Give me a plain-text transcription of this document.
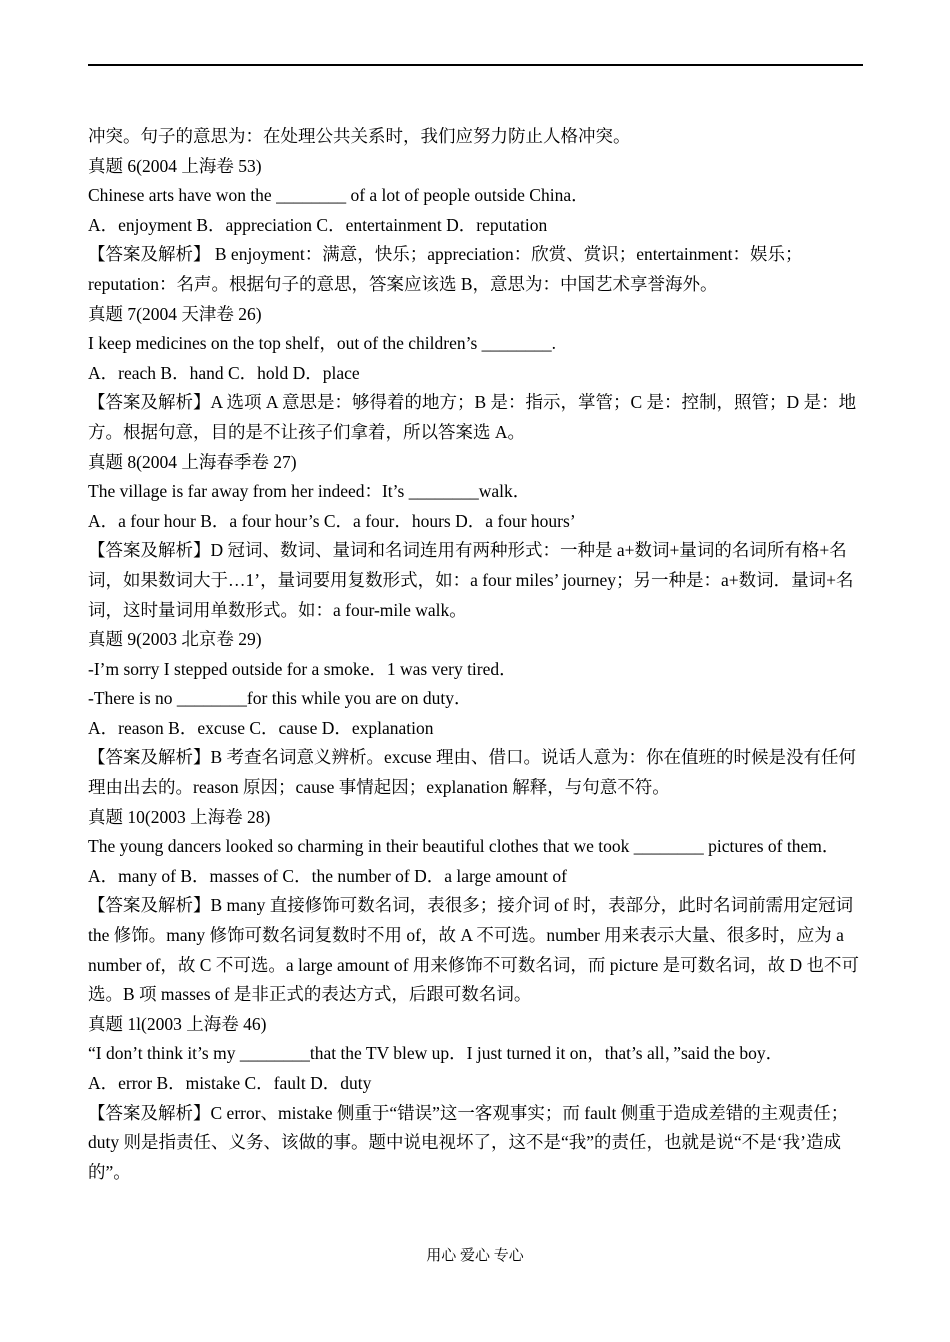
冲突。句子的意思为：在处理公共关系时，我们应努力防止人格冲突。

真题 6(2004 上海卷 53)

Chinese arts have won the ________ of a lot of people outside China．

A．enjoyment B．appreciation C．entertainment D．reputation

【答案及解析】 B enjoyment：满意，快乐；appreciation：欣赏、赏识；entertainment：娱乐；reputation：名声。根据句子的意思，答案应该选 B，意思为：中国艺术享誉海外。

真题 7(2004 天津卷 26)

I keep medicines on the top shelf，out of the children’s ________.

A．reach B．hand C．hold D．place

【答案及解析】A 选项 A 意思是：够得着的地方；B 是：指示，掌管；C 是：控制，照管；D 是：地方。根据句意，目的是不让孩子们拿着，所以答案选 A。

真题 8(2004 上海春季卷 27)

The village is far away from her indeed：It’s ________walk．

A．a four hour B．a four hour’s C．a four．hours D．a four hours’

【答案及解析】D 冠词、数词、量词和名词连用有两种形式：一种是 a+数词+量词的名词所有格+名词，如果数词大于…1’，量词要用复数形式，如：a four miles’ journey；另一种是：a+数词．量词+名词，这时量词用单数形式。如：a four-mile walk。

真题 9(2003 北京卷 29)

-I’m sorry I stepped outside for a smoke．1 was very tired．

-There is no ________for this while you are on duty．

A．reason B．excuse C．cause D．explanation

【答案及解析】B 考查名词意义辨析。excuse 理由、借口。说话人意为：你在值班的时候是没有任何理由出去的。reason 原因；cause 事情起因；explanation 解释，与句意不符。

真题 10(2003 上海卷 28)

The young dancers looked so charming in their beautiful clothes that we took ________ pictures of them．

A．many of B．masses of C．the number of D．a large amount of

【答案及解析】B many 直接修饰可数名词，表很多；接介词 of 时，表部分，此时名词前需用定冠词 the 修饰。many 修饰可数名词复数时不用 of，故 A 不可选。number 用来表示大量、很多时，应为 a number of，故 C 不可选。a large amount of 用来修饰不可数名词，而 picture 是可数名词，故 D 也不可选。B 项 masses of 是非正式的表达方式，后跟可数名词。

真题 1l(2003 上海卷 46)

“I don’t think it’s my ________that the TV blew up．I just turned it on，that’s all，”said the boy．

A．error B．mistake C．fault D．duty

【答案及解析】C error、mistake 侧重于“错误”这一客观事实；而 fault 侧重于造成差错的主观责任；duty 则是指责任、义务、该做的事。题中说电视坏了，这不是“我”的责任，也就是说“不是‘我’造成的”。

用心 爱心 专心
